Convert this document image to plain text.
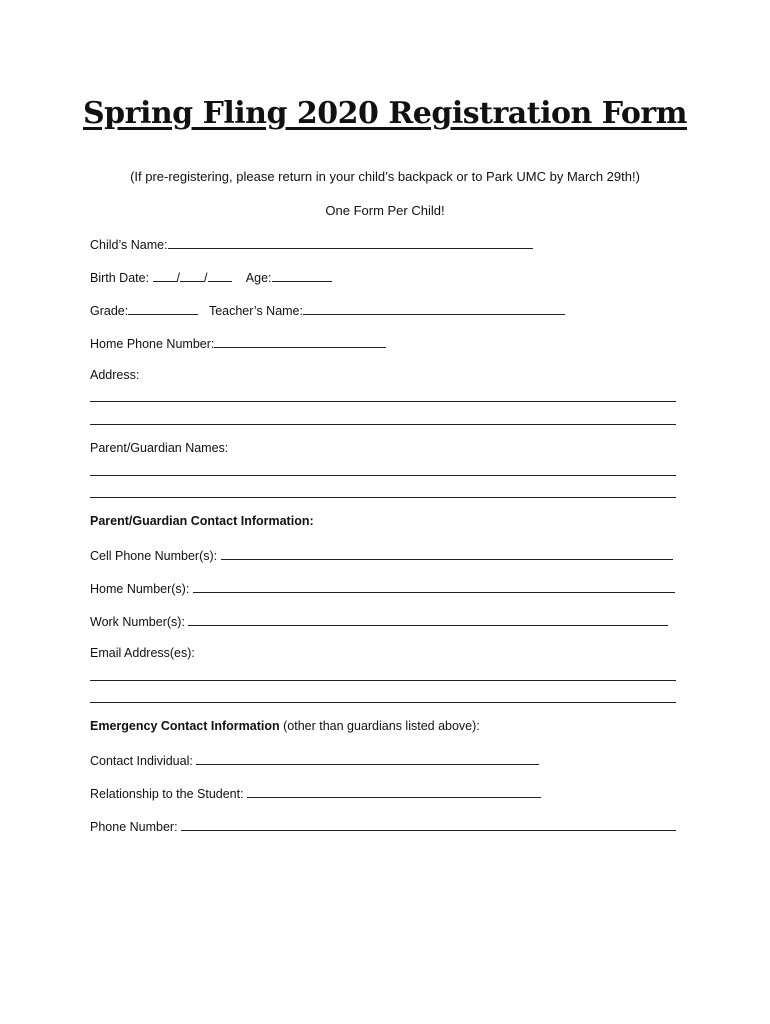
Spring Fling 2020 Registration Form
(If pre-registering, please return in your child’s backpack or to Park UMC by March 29th!)
One Form Per Child!
Child’s Name:
Birth Date: / /	Age:
Grade:	Teacher’s Name:
Home Phone Number:
Address:
Parent/Guardian Names:
Parent/Guardian Contact Information:
Cell Phone Number(s):
Home Number(s):
Work Number(s):
Email Address(es):
Emergency Contact Information (other than guardians listed above):
Contact Individual:
Relationship to the Student:
Phone Number:
